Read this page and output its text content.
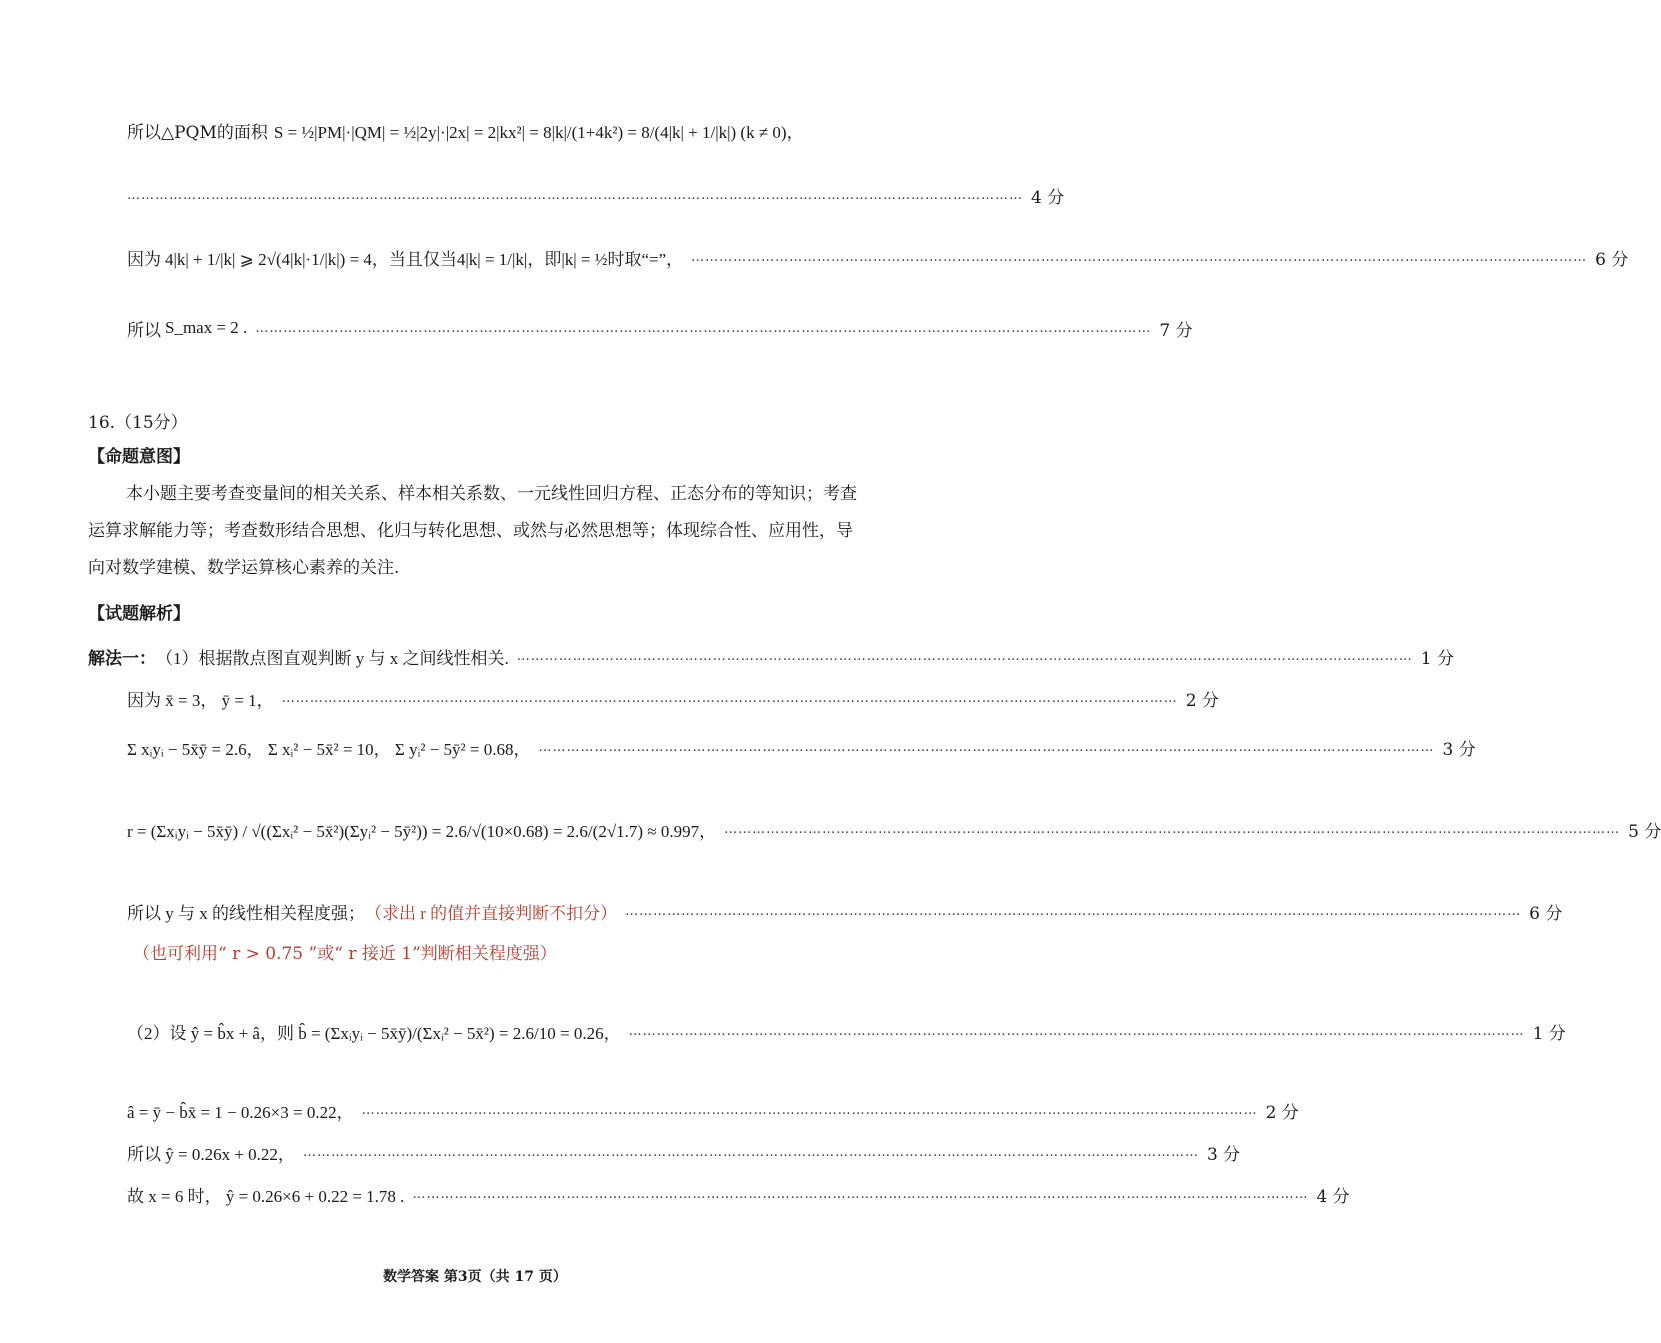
所以△PQM的面积 S = ½|PM|·|QM| = ½|2y|·|2x| = 2|kx²| = 8|k|/(1+4k²) = 8/(4|k| + 1/|k|) (k ≠ 0)，
………………………………………………………………………………………………………………………………………………………………………… 4 分
因为 4|k| + 1/|k| ⩾ 2√(4|k|·1/|k|) = 4，当且仅当4|k| = 1/|k|，即|k| = ½时取“=”， ………………………………………………………………………………………………………………………………………………………………………… 6 分
所以 S_max = 2 . ………………………………………………………………………………………………………………………………………………………………………… 7 分
16.（15分）
【命题意图】
本小题主要考查变量间的相关关系、样本相关系数、一元线性回归方程、正态分布的等知识；考查运算求解能力等；考查数形结合思想、化归与转化思想、或然与必然思想等；体现综合性、应用性，导向对数学建模、数学运算核心素养的关注.
【试题解析】
解法一： （1）根据散点图直观判断 y 与 x 之间线性相关. ………………………………………………………………………………………………………………………………………………………………………… 1 分
因为 x̄ = 3， ȳ = 1， ………………………………………………………………………………………………………………………………………………………………………… 2 分
Σ xᵢyᵢ − 5x̄ȳ = 2.6， Σ xᵢ² − 5x̄² = 10， Σ yᵢ² − 5ȳ² = 0.68， ………………………………………………………………………………………………………………………………………………………………………… 3 分
r = (Σxᵢyᵢ − 5x̄ȳ) / √((Σxᵢ² − 5x̄²)(Σyᵢ² − 5ȳ²)) = 2.6/√(10×0.68) = 2.6/(2√1.7) ≈ 0.997， ………………………………………………………………………………………………………………………………………………………………………… 5 分
所以 y 与 x 的线性相关程度强； （求出 r 的值并直接判断不扣分） ………………………………………………………………………………………………………………………………………………………………………… 6 分
（也可利用“ r > 0.75 ”或“ r 接近 1”判断相关程度强）
（2）设 ŷ = b̂x + â，则 b̂ = (Σxᵢyᵢ − 5x̄ȳ)/(Σxᵢ² − 5x̄²) = 2.6/10 = 0.26， ………………………………………………………………………………………………………………………………………………………………………… 1 分
â = ȳ − b̂x̄ = 1 − 0.26×3 = 0.22， ………………………………………………………………………………………………………………………………………………………………………… 2 分
所以 ŷ = 0.26x + 0.22， ………………………………………………………………………………………………………………………………………………………………………… 3 分
故 x = 6 时， ŷ = 0.26×6 + 0.22 = 1.78 . ………………………………………………………………………………………………………………………………………………………………………… 4 分
数学答案 第3页（共 17 页）
